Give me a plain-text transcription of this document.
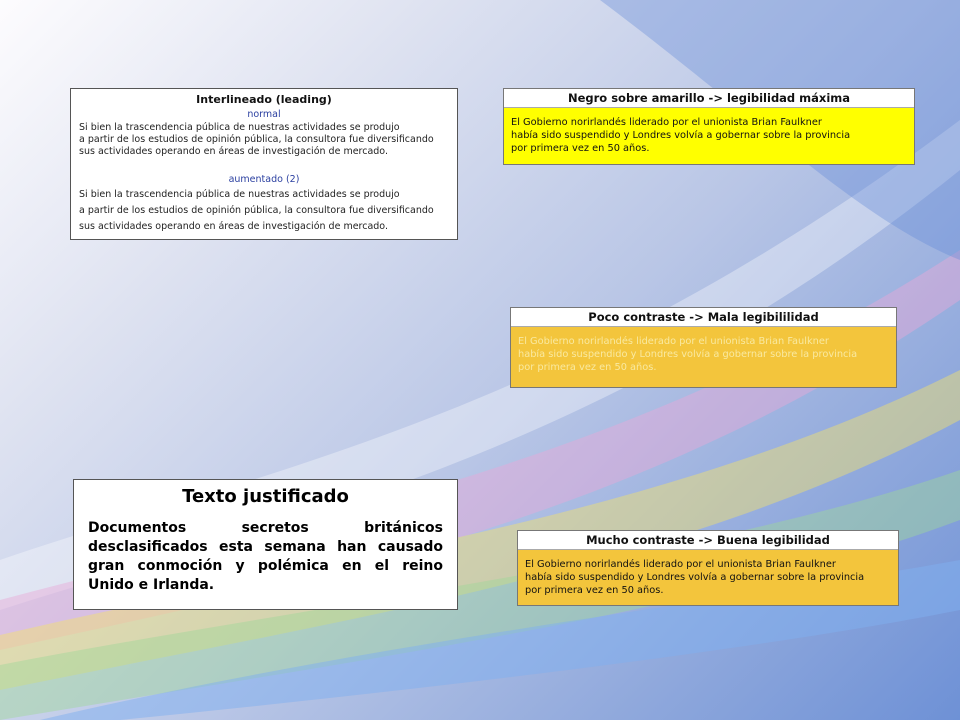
Interlineado (leading)
normal

Si bien la trascendencia pública de nuestras actividades se produjo

a partir de los estudios de opinión pública, la consultora fue diversificando

sus actividades operando en áreas de investigación de mercado.

aumentado (2)

Si bien la trascendencia pública de nuestras actividades se produjo

a partir de los estudios de opinión pública, la consultora fue diversificando

sus actividades operando en áreas de investigación de mercado.

Negro sobre amarillo -> legibilidad máxima
El Gobierno norirlandés liderado por el unionista Brian Faulkner
había sido suspendido y Londres volvía a gobernar sobre la provincia
por primera vez en 50 años.
Poco contraste -> Mala legibililidad
El Gobierno norirlandés liderado por el unionista Brian Faulkner
había sido suspendido y Londres volvía a gobernar sobre la provincia
por primera vez en 50 años.
Texto justificado

Documentos secretos británicos desclasificados esta semana han causado gran conmoción y polémica en el reino Unido e Irlanda.

Mucho contraste -> Buena legibilidad
El Gobierno norirlandés liderado por el unionista Brian Faulkner
había sido suspendido y Londres volvía a gobernar sobre la provincia
por primera vez en 50 años.
